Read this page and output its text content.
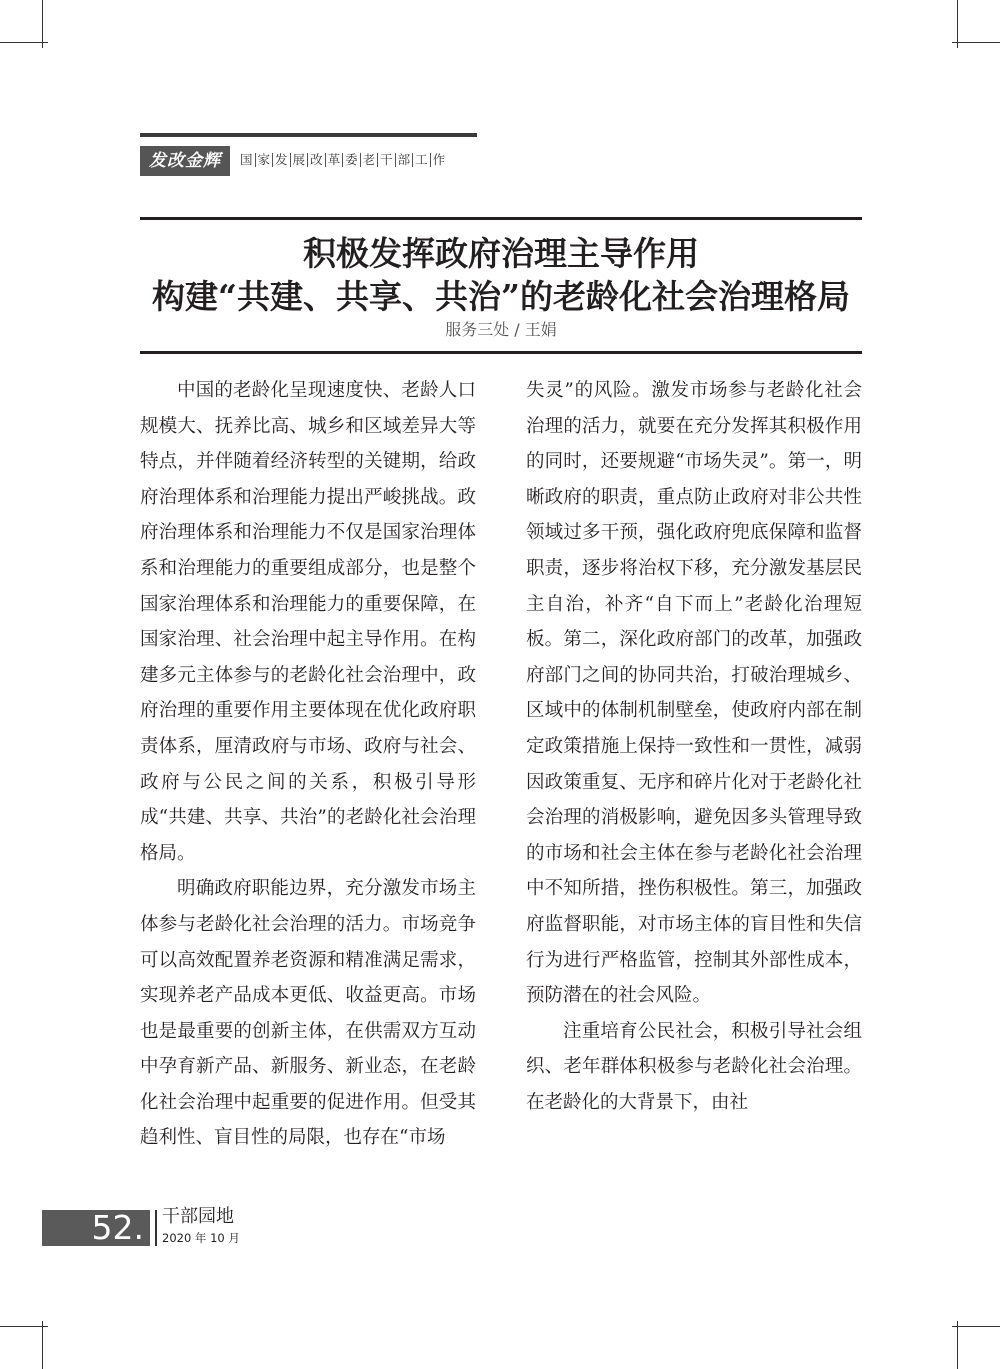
发改金辉	国 家 发 展 改 革 委 老 干 部 工 作
积极发挥政府治理主导作用
构建“共建、共享、共治”的老龄化社会治理格局
服务三处 / 王娟

中国的老龄化呈现速度快、老龄人口规模大、抚养比高、城乡和区域差异大等特点，并伴随着经济转型的关键期，给政府治理体系和治理能力提出严峻挑战。政府治理体系和治理能力不仅是国家治理体系和治理能力的重要组成部分，也是整个国家治理体系和治理能力的重要保障，在国家治理、社会治理中起主导作用。在构建多元主体参与的老龄化社会治理中，政府治理的重要作用主要体现在优化政府职责体系，厘清政府与市场、政府与社会、政府与公民之间的关系，积极引导形成“共建、共享、共治”的老龄化社会治理格局。

明确政府职能边界，充分激发市场主体参与老龄化社会治理的活力。市场竞争可以高效配置养老资源和精准满足需求，实现养老产品成本更低、收益更高。市场也是最重要的创新主体，在供需双方互动中孕育新产品、新服务、新业态，在老龄化社会治理中起重要的促进作用。但受其趋利性、盲目性的局限，也存在“市场

失灵”的风险。激发市场参与老龄化社会治理的活力，就要在充分发挥其积极作用的同时，还要规避“市场失灵”。第一，明晰政府的职责，重点防止政府对非公共性领域过多干预，强化政府兜底保障和监督职责，逐步将治权下移，充分激发基层民主自治，补齐“自下而上”老龄化治理短板。第二，深化政府部门的改革，加强政府部门之间的协同共治，打破治理城乡、区域中的体制机制壁垒，使政府内部在制定政策措施上保持一致性和一贯性，减弱因政策重复、无序和碎片化对于老龄化社会治理的消极影响，避免因多头管理导致的市场和社会主体在参与老龄化社会治理中不知所措，挫伤积极性。第三，加强政府监督职能，对市场主体的盲目性和失信行为进行严格监管，控制其外部性成本，预防潜在的社会风险。

注重培育公民社会，积极引导社会组织、老年群体积极参与老龄化社会治理。在老龄化的大背景下，由社

52.	干部园地
2020 年 10 月
